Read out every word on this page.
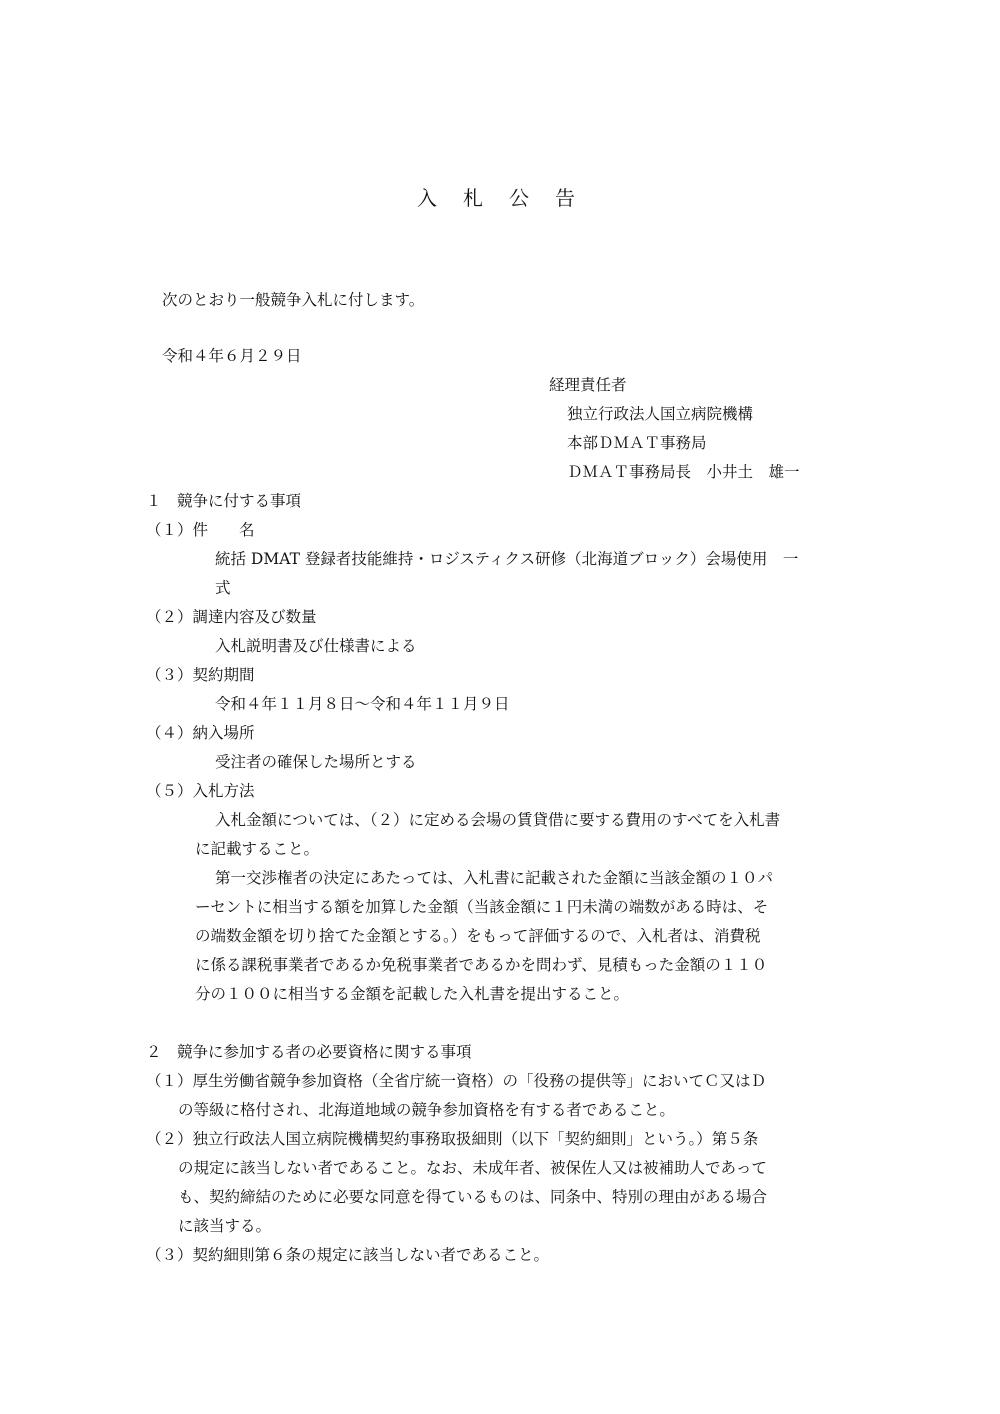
入札公告
次のとおり一般競争入札に付します。
令和４年６月２９日
経理責任者
独立行政法人国立病院機構
本部ＤＭＡＴ事務局
ＤＭＡＴ事務局長　小井土　雄一
１　競争に付する事項
（１）件　　名
統括 DMAT 登録者技能維持・ロジスティクス研修（北海道ブロック）会場使用　一
式
（２）調達内容及び数量
入札説明書及び仕様書による
（３）契約期間
令和４年１１月８日～令和４年１１月９日
（４）納入場所
受注者の確保した場所とする
（５）入札方法
入札金額については、（２）に定める会場の賃貸借に要する費用のすべてを入札書
に記載すること。
第一交渉権者の決定にあたっては、入札書に記載された金額に当該金額の１０パ
ーセントに相当する額を加算した金額（当該金額に１円未満の端数がある時は、そ
の端数金額を切り捨てた金額とする。）をもって評価するので、入札者は、消費税
に係る課税事業者であるか免税事業者であるかを問わず、見積もった金額の１１０
分の１００に相当する金額を記載した入札書を提出すること。
２　競争に参加する者の必要資格に関する事項
（１）厚生労働省競争参加資格（全省庁統一資格）の「役務の提供等」においてＣ又はＤ
の等級に格付され、北海道地域の競争参加資格を有する者であること。
（２）独立行政法人国立病院機構契約事務取扱細則（以下「契約細則」という。）第５条
の規定に該当しない者であること。なお、未成年者、被保佐人又は被補助人であって
も、契約締結のために必要な同意を得ているものは、同条中、特別の理由がある場合
に該当する。
（３）契約細則第６条の規定に該当しない者であること。
